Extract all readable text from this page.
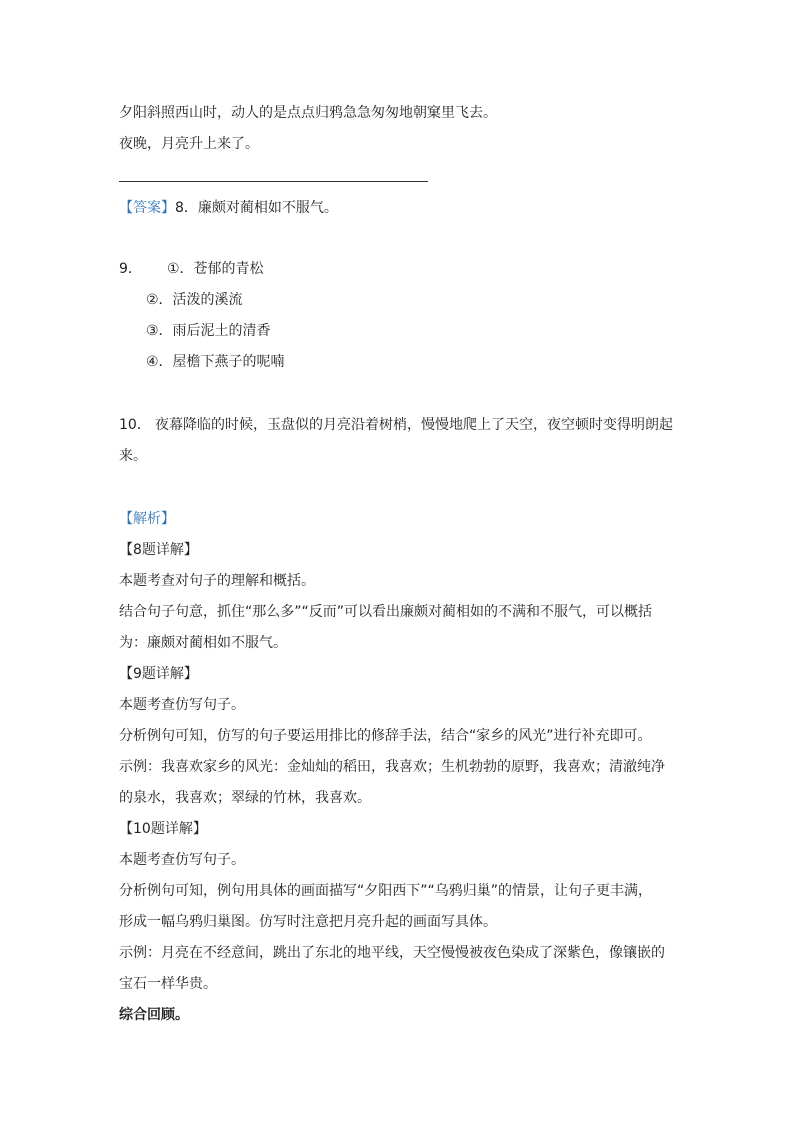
夕阳斜照西山时，动人的是点点归鸦急急匆匆地朝窠里飞去。
夜晚，月亮升上来了。
【答案】8．廉颇对蔺相如不服气。
9． ①．苍郁的青松
②．活泼的溪流
③．雨后泥土的清香
④．屋檐下燕子的呢喃
10． 夜幕降临的时候，玉盘似的月亮沿着树梢，慢慢地爬上了天空，夜空顿时变得明朗起
来。
【解析】
【8题详解】
本题考查对句子的理解和概括。
结合句子句意，抓住“那么多”“反而”可以看出廉颇对蔺相如的不满和不服气，可以概括
为：廉颇对蔺相如不服气。
【9题详解】
本题考查仿写句子。
分析例句可知，仿写的句子要运用排比的修辞手法，结合“家乡的风光”进行补充即可。
示例：我喜欢家乡的风光：金灿灿的稻田，我喜欢；生机勃勃的原野，我喜欢；清澈纯净
的泉水，我喜欢；翠绿的竹林，我喜欢。
【10题详解】
本题考查仿写句子。
分析例句可知，例句用具体的画面描写“夕阳西下”“乌鸦归巢”的情景，让句子更丰满，
形成一幅乌鸦归巢图。仿写时注意把月亮升起的画面写具体。
示例：月亮在不经意间，跳出了东北的地平线，天空慢慢被夜色染成了深紫色，像镶嵌的
宝石一样华贵。
综合回顾。
